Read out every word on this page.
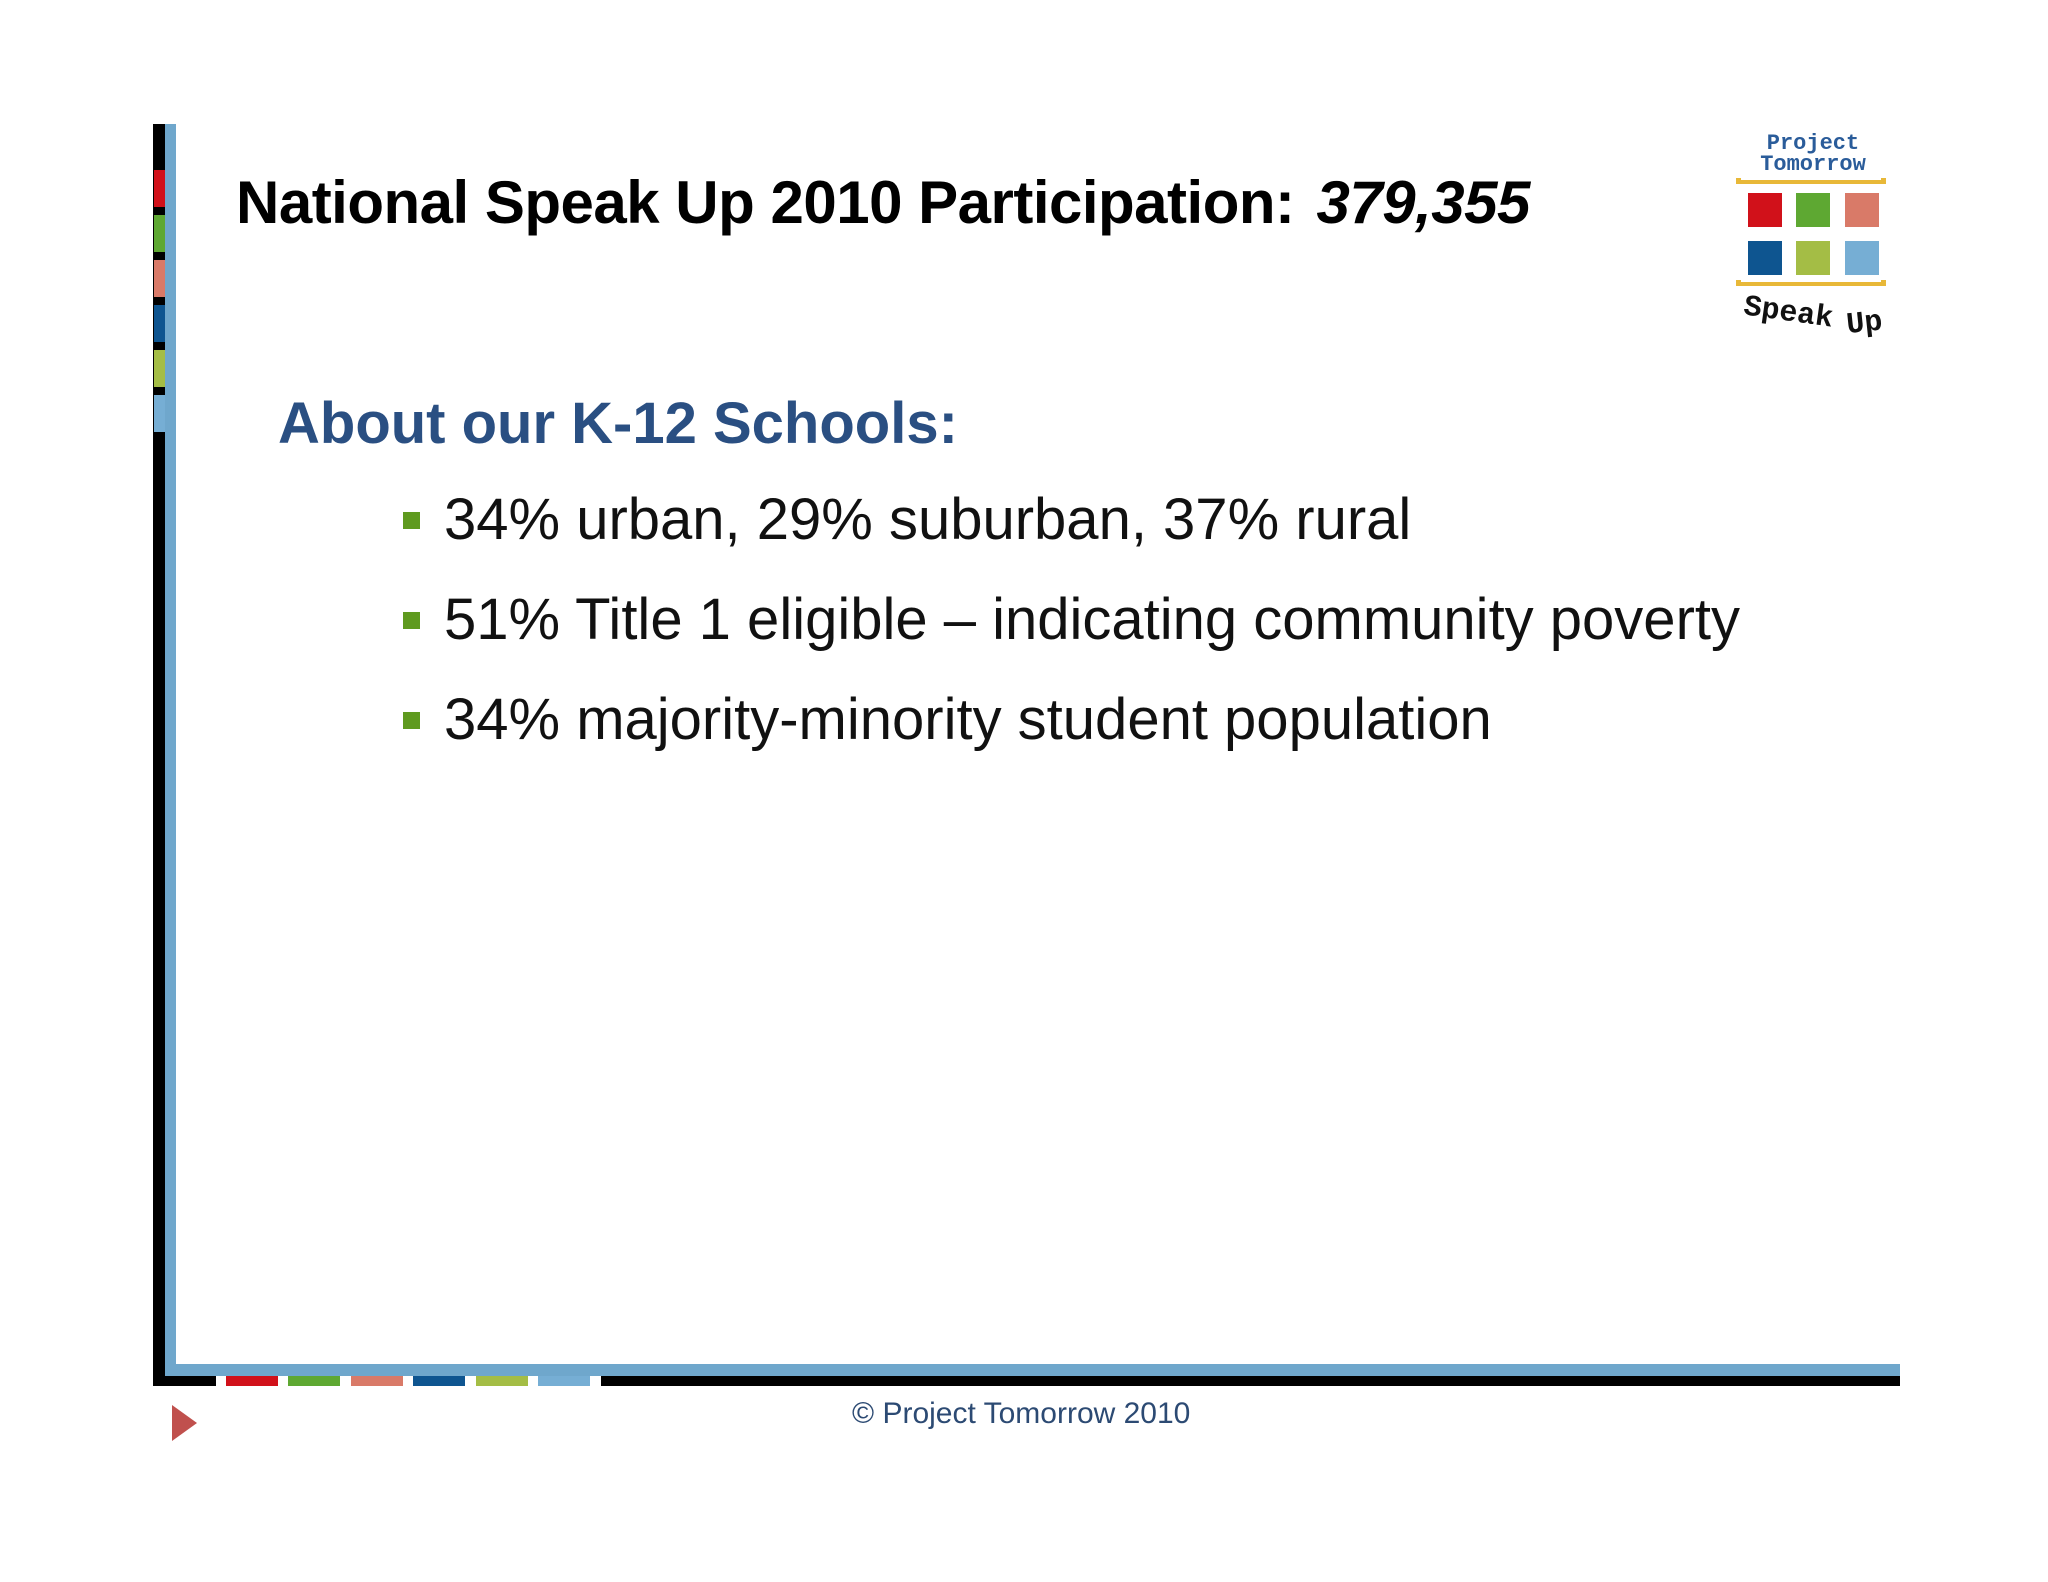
National Speak Up 2010 Participation: 379,355
About our K-12 Schools:
34% urban, 29% suburban, 37% rural
51% Title 1 eligible – indicating community poverty
34% majority-minority student population
© Project Tomorrow 2010
Project
Tomorrow
Speak Up
